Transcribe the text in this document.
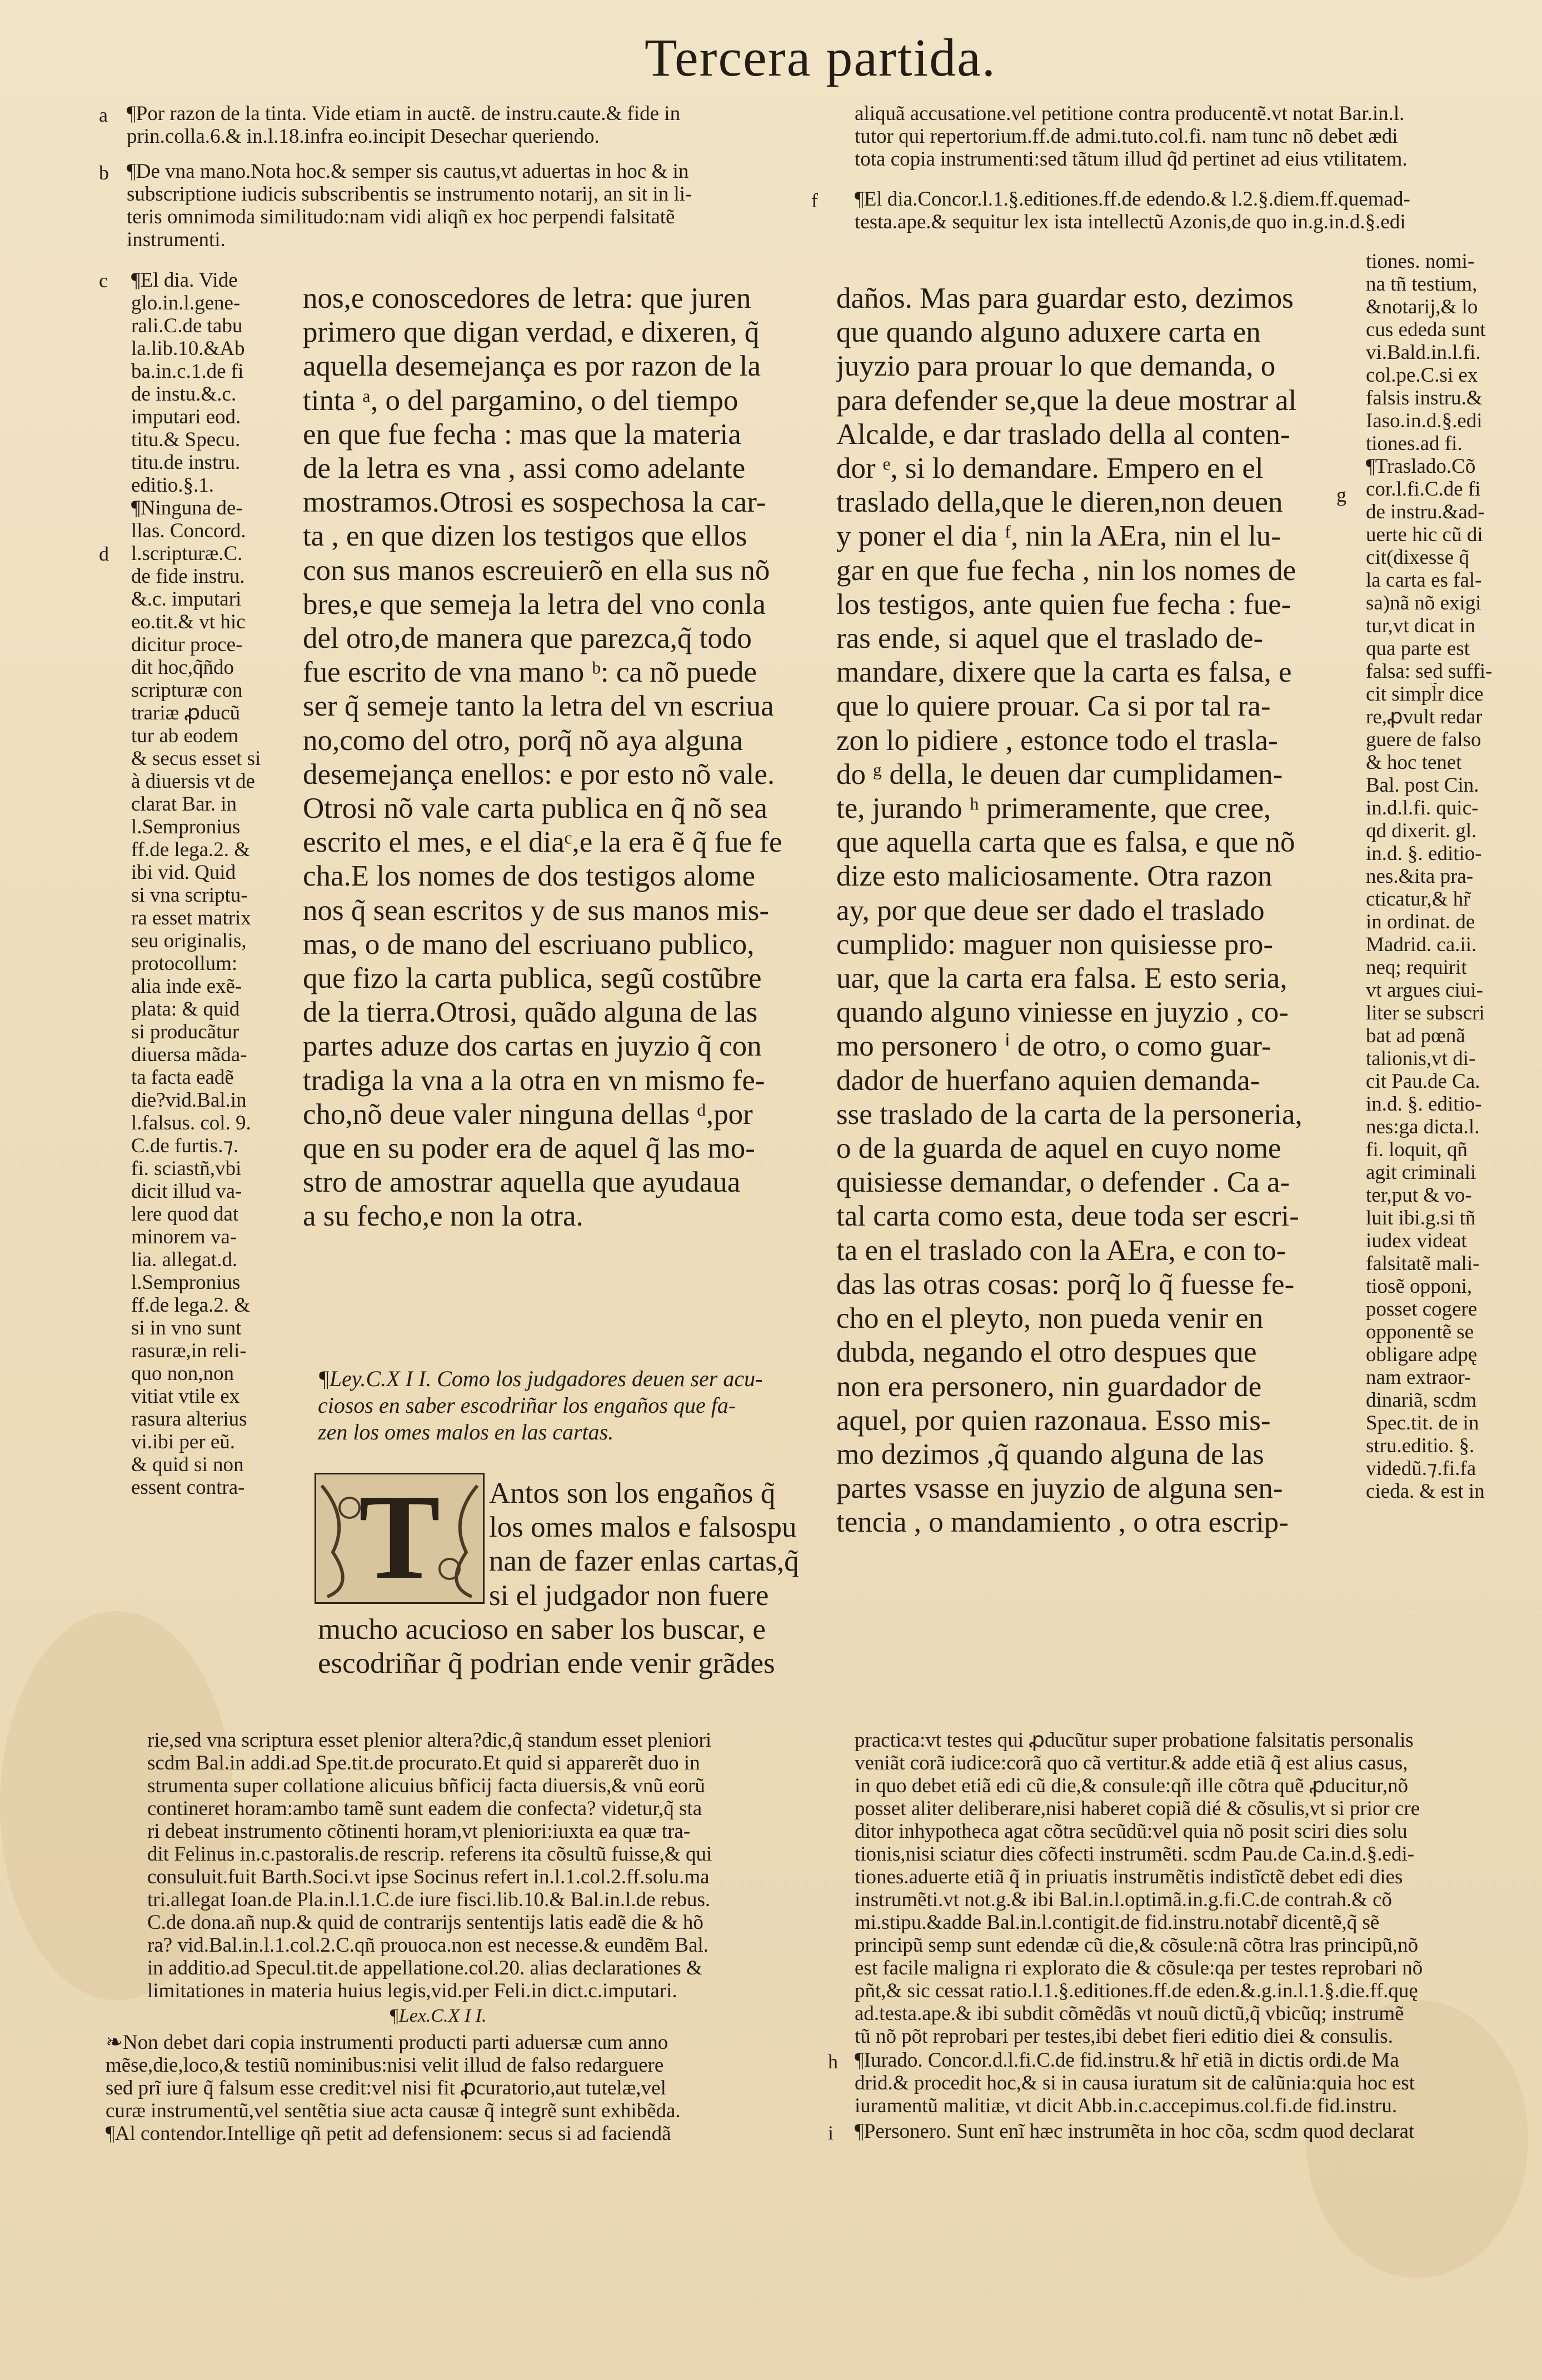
Tercera partida.
a ¶Por razon de la tinta. Vide etiam in auctẽ. de instru.caute.& fide in
prin.colla.6.& in.l.18.infra eo.incipit Desechar queriendo.
b ¶De vna mano.Nota hoc.& semper sis cautus,vt aduertas in hoc & in
subscriptione iudicis subscribentis se instrumento notarij, an sit in li-
teris omnimoda similitudo:nam vidi aliqñ ex hoc perpendi falsitatẽ
instrumenti.
aliquã accusatione.vel petitione contra producentẽ.vt notat Bar.in.l.
tutor qui repertorium.ff.de admi.tuto.col.fi. nam tunc nõ debet ædi
tota copia instrumenti:sed tãtum illud q̃d pertinet ad eius vtilitatem.
f ¶El dia.Concor.l.1.§.editiones.ff.de edendo.& l.2.§.diem.ff.quemad-
testa.ape.& sequitur lex ista intellectũ Azonis,de quo in.g.in.d.§.edi
c
d
¶El dia. Vide
glo.in.l.gene-
rali.C.de tabu
la.lib.10.&Ab
ba.in.c.1.de fi
de instu.&.c.
imputari eod.
titu.& Specu.
titu.de instru.
editio.§.1.
¶Ninguna de-
llas. Concord.
l.scripturæ.C.
de fide instru.
&.c. imputari
eo.tit.& vt hic
dicitur proce-
dit hoc,q̃ñdo
scripturæ con
trariæ ꝓducũ
tur ab eodem
& secus esset si
à diuersis vt de
clarat Bar. in
l.Sempronius
ff.de lega.2. &
ibi vid. Quid
si vna scriptu-
ra esset matrix
seu originalis,
protocollum:
alia inde exẽ-
plata: & quid
si producãtur
diuersa mãda-
ta facta eadẽ
die?vid.Bal.in
l.falsus. col. 9.
C.de furtis.⁊.
fi. sciastñ,vbi
dicit illud va-
lere quod dat
minorem va-
lia. allegat.d.
l.Sempronius
ff.de lega.2. &
si in vno sunt
rasuræ,in reli-
quo non,non
vitiat vtile ex
rasura alterius
vi.ibi per eũ.
& quid si non
essent contra-
nos,e conoscedores de letra: que juren
primero que digan verdad, e dixeren, q̃
aquella desemejança es por razon de la
tinta ᵃ, o del pargamino, o del tiempo
en que fue fecha : mas que la materia
de la letra es vna , assi como adelante
mostramos.Otrosi es sospechosa la car-
ta , en que dizen los testigos que ellos
con sus manos escreuierõ en ella sus nõ
bres,e que semeja la letra del vno conla
del otro,de manera que parezca,q̃ todo
fue escrito de vna mano ᵇ: ca nõ puede
ser q̃ semeje tanto la letra del vn escriua
no,como del otro, porq̃ nõ aya alguna
desemejança enellos: e por esto nõ vale.
Otrosi nõ vale carta publica en q̃ nõ sea
escrito el mes, e el diaᶜ,e la era ẽ q̃ fue fe
cha.E los nomes de dos testigos alome
nos q̃ sean escritos y de sus manos mis-
mas, o de mano del escriuano publico,
que fizo la carta publica, segũ costũbre
de la tierra.Otrosi, quãdo alguna de las
partes aduze dos cartas en juyzio q̃ con
tradiga la vna a la otra en vn mismo fe-
cho,nõ deue valer ninguna dellas ᵈ,por
que en su poder era de aquel q̃ las mo-
stro de amostrar aquella que ayudaua
a su fecho,e non la otra.
¶Ley.C.X I I. Como los judgadores deuen ser acu-
ciosos en saber escodriñar los engaños que fa-
zen los omes malos en las cartas.
T	Antos son los engaños q̃
los omes malos e falsospu
nan de fazer enlas cartas,q̃
si el judgador non fuere
mucho acucioso en saber los buscar, e
escodriñar q̃ podrian ende venir grãdes
daños. Mas para guardar esto, dezimos
que quando alguno aduxere carta en
juyzio para prouar lo que demanda, o
para defender se,que la deue mostrar al
Alcalde, e dar traslado della al conten-
dor ᵉ, si lo demandare. Empero en el
traslado della,que le dieren,non deuen
y poner el dia ᶠ, nin la AEra, nin el lu-
gar en que fue fecha , nin los nomes de
los testigos, ante quien fue fecha : fue-
ras ende, si aquel que el traslado de-
mandare, dixere que la carta es falsa, e
que lo quiere prouar. Ca si por tal ra-
zon lo pidiere , estonce todo el trasla-
do ᵍ della, le deuen dar cumplidamen-
te, jurando ʰ primeramente, que cree,
que aquella carta que es falsa, e que nõ
dize esto maliciosamente. Otra razon
ay, por que deue ser dado el traslado
cumplido: maguer non quisiesse pro-
uar, que la carta era falsa. E esto seria,
quando alguno viniesse en juyzio , co-
mo personero ⁱ de otro, o como guar-
dador de huerfano aquien demanda-
sse traslado de la carta de la personeria,
o de la guarda de aquel en cuyo nome
quisiesse demandar, o defender . Ca a-
tal carta como esta, deue toda ser escri-
ta en el traslado con la AEra, e con to-
das las otras cosas: porq̃ lo q̃ fuesse fe-
cho en el pleyto, non pueda venir en
dubda, negando el otro despues que
non era personero, nin guardador de
aquel, por quien razonaua. Esso mis-
mo dezimos ,q̃ quando alguna de las
partes vsasse en juyzio de alguna sen-
tencia , o mandamiento , o otra escrip-
g
tiones. nomi-
na tñ testium,
&notarij,& lo
cus ededa sunt
vi.Bald.in.l.fi.
col.pe.C.si ex
falsis instru.&
Iaso.in.d.§.edi
tiones.ad fi.
¶Traslado.Cõ
cor.l.fi.C.de fi
de instru.&ad-
uerte hic cũ di
cit(dixesse q̃
la carta es fal-
sa)nã nõ exigi
tur,vt dicat in
qua parte est
falsa: sed suffi-
cit simpl̃r dice
re,ꝓvult redar
guere de falso
& hoc tenet
Bal. post Cin.
in.d.l.fi. quic-
qd dixerit. gl.
in.d. §. editio-
nes.&ita pra-
cticatur,& hr̃
in ordinat. de
Madrid. ca.ii.
neq; requirit
vt argues ciui-
liter se subscri
bat ad pœnã
talionis,vt di-
cit Pau.de Ca.
in.d. §. editio-
nes:ga dicta.l.
fi. loquit, qñ
agit criminali
ter,put & vo-
luit ibi.g.si tñ
iudex videat
falsitatẽ mali-
tiosẽ opponi,
posset cogere
opponentẽ se
obligare adpę
nam extraor-
dinariã, scdm
Spec.tit. de in
stru.editio. §.
videdũ.⁊.fi.fa
cieda. & est in
rie,sed vna scriptura esset plenior altera?dic,q̃ standum esset pleniori
scdm Bal.in addi.ad Spe.tit.de procurato.Et quid si apparerẽt duo in
strumenta super collatione alicuius bñficij facta diuersis,& vnũ eorũ
contineret horam:ambo tamẽ sunt eadem die confecta? videtur,q̃ sta
ri debeat instrumento cõtinenti horam,vt pleniori:iuxta ea quæ tra-
dit Felinus in.c.pastoralis.de rescrip. referens ita cõsultũ fuisse,& qui
consuluit.fuit Barth.Soci.vt ipse Socinus refert in.l.1.col.2.ff.solu.ma
tri.allegat Ioan.de Pla.in.l.1.C.de iure fisci.lib.10.& Bal.in.l.de rebus.
C.de dona.añ nup.& quid de contrarijs sententijs latis eadẽ die & hõ
ra? vid.Bal.in.l.1.col.2.C.qñ prouoca.non est necesse.& eundẽm Bal.
in additio.ad Specul.tit.de appellatione.col.20. alias declarationes &
limitationes in materia huius legis,vid.per Feli.in dict.c.imputari.
¶Lex.C.X I I.
❧Non debet dari copia instrumenti producti parti aduersæ cum anno
mẽse,die,loco,& testiũ nominibus:nisi velit illud de falso redarguere
sed prĩ iure q̃ falsum esse credit:vel nisi fit ꝓcuratorio,aut tutelæ,vel
curæ instrumentũ,vel sentẽtia siue acta causæ q̃ integrẽ sunt exhibẽda.
¶Al contendor.Intellige qñ petit ad defensionem: secus si ad faciendã
practica:vt testes qui ꝓducũtur super probatione falsitatis personalis
veniãt corã iudice:corã quo cã vertitur.& adde etiã q̃ est alius casus,
in quo debet etiã edi cũ die,& consule:qñ ille cõtra quẽ ꝓducitur,nõ
posset aliter deliberare,nisi haberet copiã dié & cõsulis,vt si prior cre
ditor inhypotheca agat cõtra secũdũ:vel quia nõ posit sciri dies solu
tionis,nisi sciatur dies cõfecti instrumẽti. scdm Pau.de Ca.in.d.§.edi-
tiones.aduerte etiã q̃ in priuatis instrumẽtis indistĩctẽ debet edi dies
instrumẽti.vt not.g.& ibi Bal.in.l.optimã.in.g.fi.C.de contrah.& cõ
mi.stipu.&adde Bal.in.l.contigit.de fid.instru.notabr̃ dicentẽ,q̃ sẽ
principũ semp sunt edendæ cũ die,& cõsule:nã cõtra lras principũ,nõ
est facile maligna ri explorato die & cõsule:qa per testes reprobari nõ
pñt,& sic cessat ratio.l.1.§.editiones.ff.de eden.&.g.in.l.1.§.die.ff.quę
ad.testa.ape.& ibi subdit cõmẽdãs vt nouũ dictũ,q̃ vbicũq; instrumẽ
tũ nõ põt reprobari per testes,ibi debet fieri editio diei & consulis.
h ¶Iurado. Concor.d.l.fi.C.de fid.instru.& hr̃ etiã in dictis ordi.de Ma
drid.& procedit hoc,& si in causa iuratum sit de calũnia:quia hoc est
iuramentũ malitiæ, vt dicit Abb.in.c.accepimus.col.fi.de fid.instru.
i ¶Personero. Sunt enĩ hæc instrumẽta in hoc cõa, scdm quod declarat
